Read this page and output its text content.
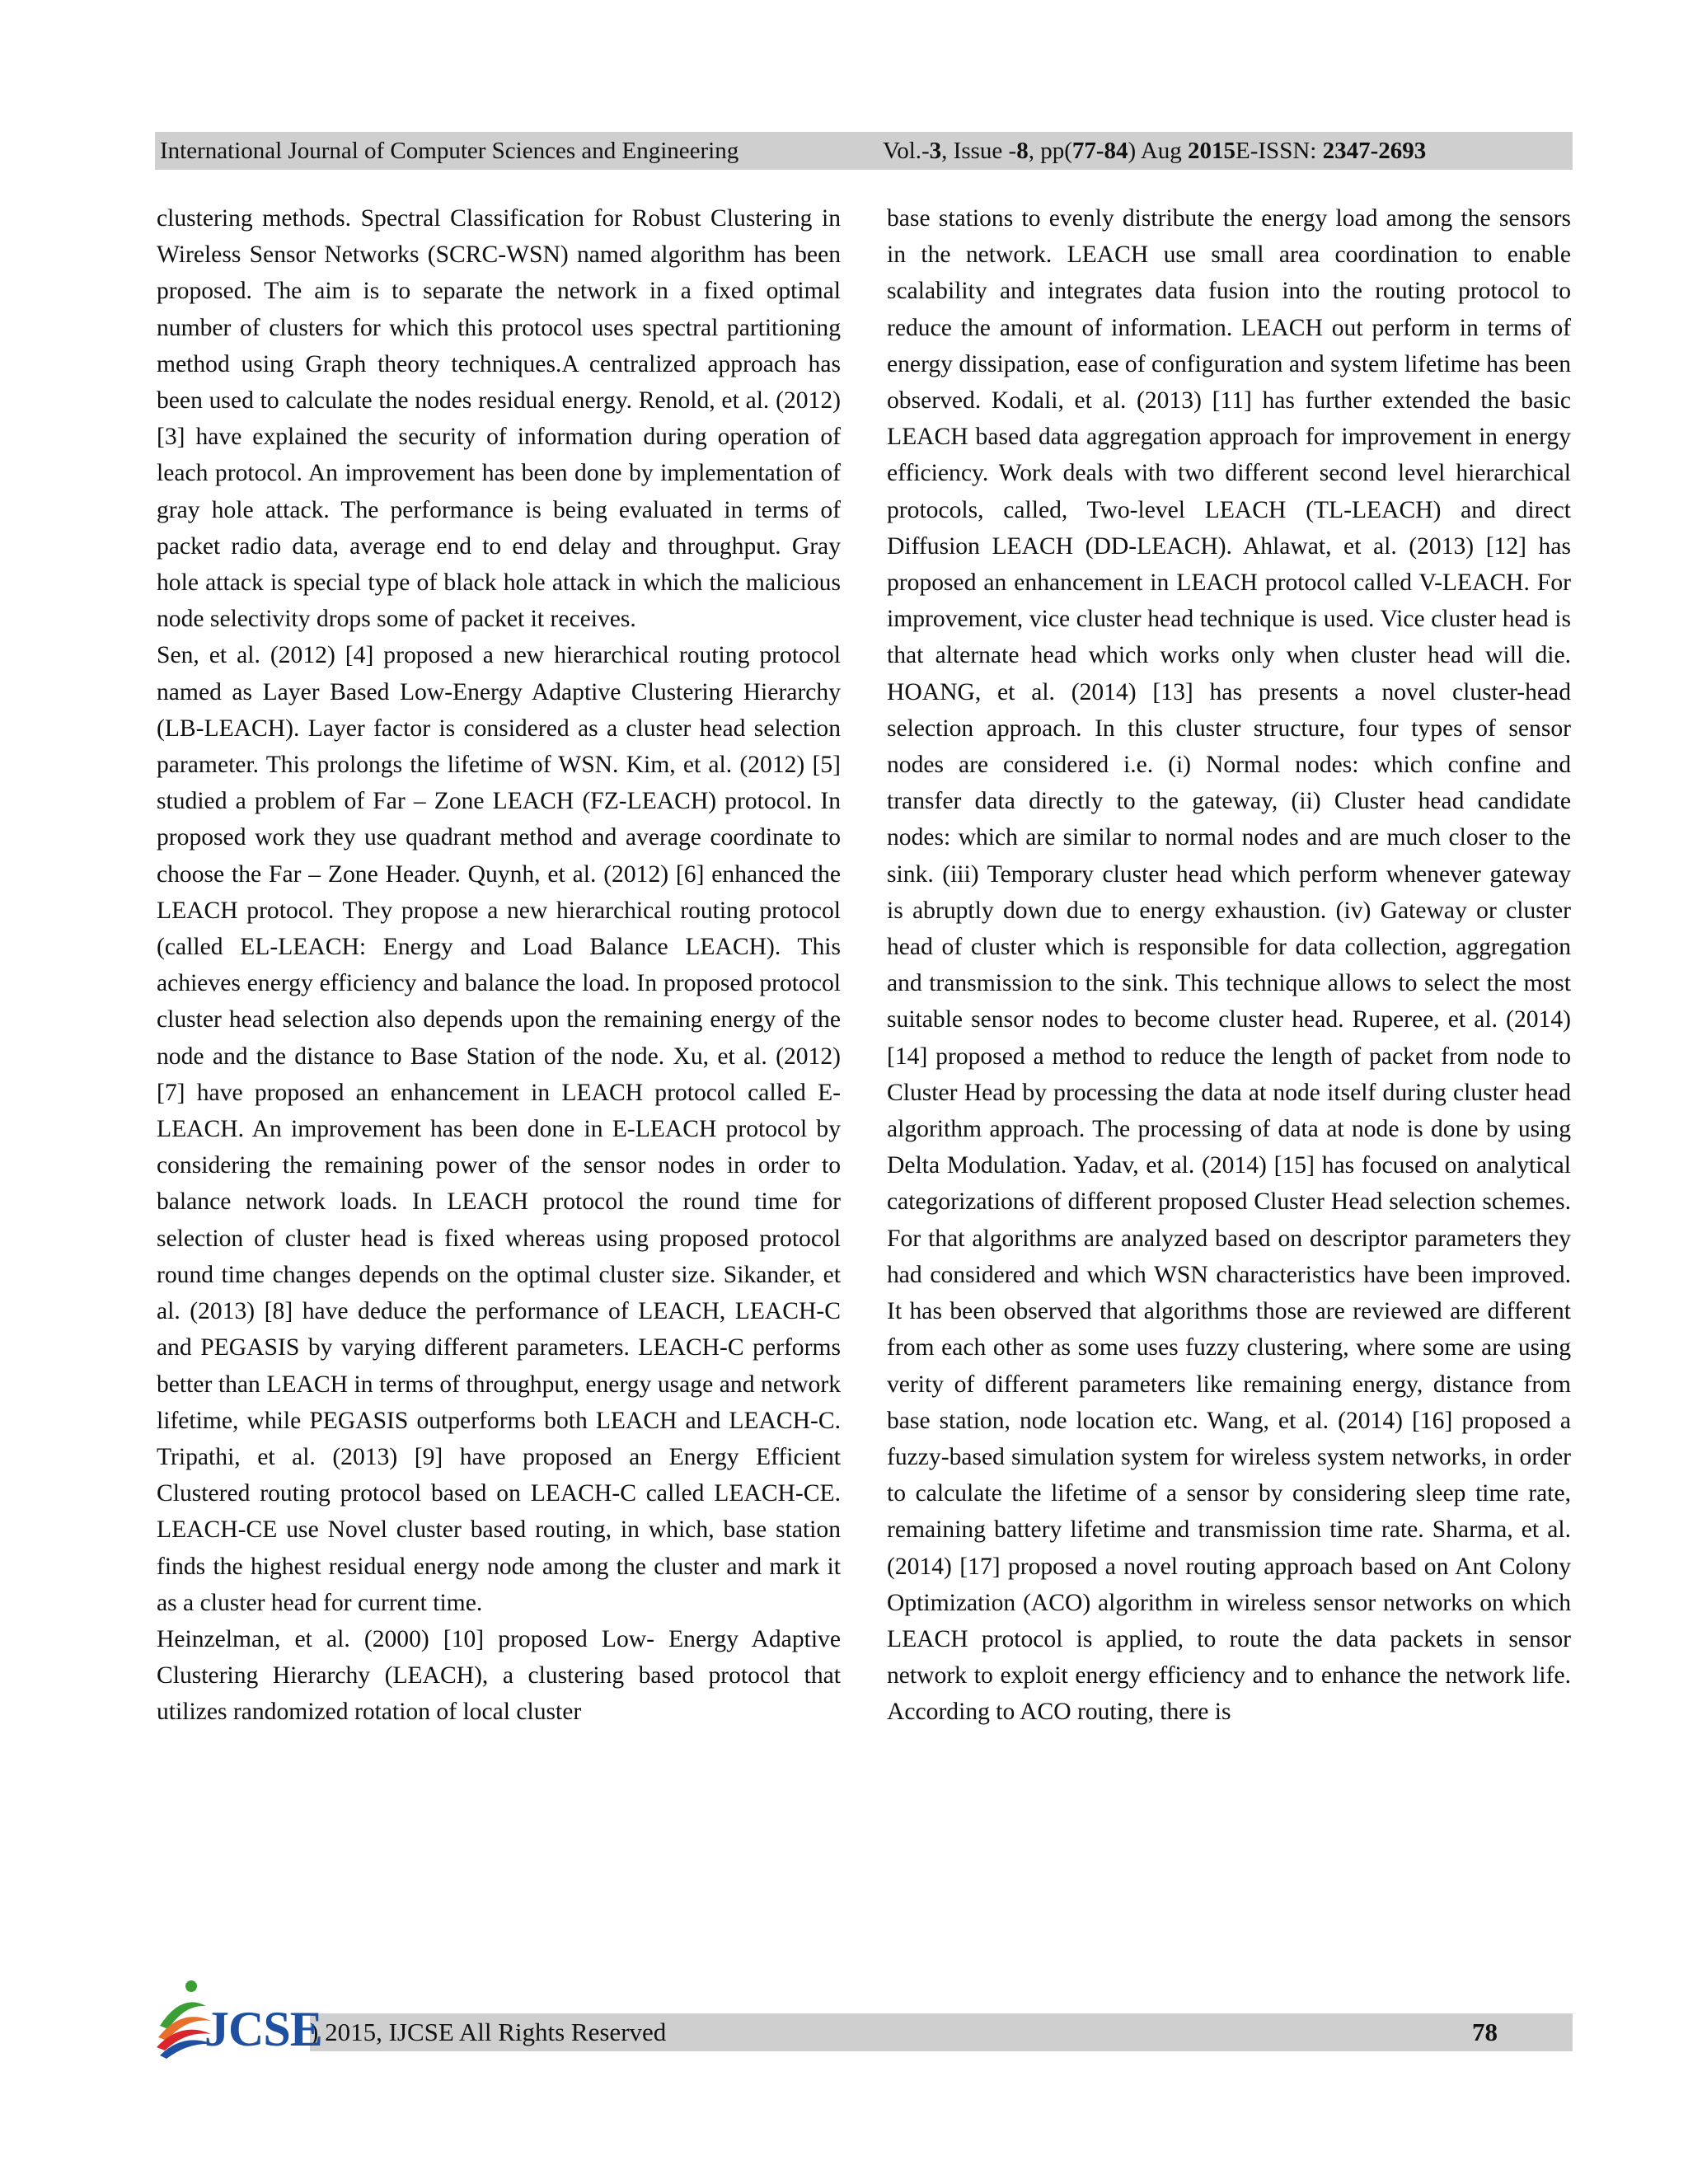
International Journal of Computer Sciences and Engineering	Vol.-3, Issue -8, pp(77-84) Aug 2015E-ISSN: 2347-2693

clustering methods. Spectral Classification for Robust Clustering in Wireless Sensor Networks (SCRC-WSN) named algorithm has been proposed. The aim is to separate the network in a fixed optimal number of clusters for which this protocol uses spectral partitioning method using Graph theory techniques.A centralized approach has been used to calculate the nodes residual energy. Renold, et al. (2012) [3] have explained the security of information during operation of leach protocol. An improvement has been done by implementation of gray hole attack. The performance is being evaluated in terms of packet radio data, average end to end delay and throughput. Gray hole attack is special type of black hole attack in which the malicious node selectivity drops some of packet it receives.

Sen, et al. (2012) [4] proposed a new hierarchical routing protocol named as Layer Based Low-Energy Adaptive Clustering Hierarchy (LB-LEACH). Layer factor is considered as a cluster head selection parameter. This prolongs the lifetime of WSN. Kim, et al. (2012) [5] studied a problem of Far – Zone LEACH (FZ-LEACH) protocol. In proposed work they use quadrant method and average coordinate to choose the Far – Zone Header. Quynh, et al. (2012) [6] enhanced the LEACH protocol. They propose a new hierarchical routing protocol (called EL-LEACH: Energy and Load Balance LEACH). This achieves energy efficiency and balance the load. In proposed protocol cluster head selection also depends upon the remaining energy of the node and the distance to Base Station of the node. Xu, et al. (2012) [7] have proposed an enhancement in LEACH protocol called E-LEACH. An improvement has been done in E-LEACH protocol by considering the remaining power of the sensor nodes in order to balance network loads. In LEACH protocol the round time for selection of cluster head is fixed whereas using proposed protocol round time changes depends on the optimal cluster size. Sikander, et al. (2013) [8] have deduce the performance of LEACH, LEACH-C and PEGASIS by varying different parameters. LEACH-C performs better than LEACH in terms of throughput, energy usage and network lifetime, while PEGASIS outperforms both LEACH and LEACH-C. Tripathi, et al. (2013) [9] have proposed an Energy Efficient Clustered routing protocol based on LEACH-C called LEACH-CE. LEACH-CE use Novel cluster based routing, in which, base station finds the highest residual energy node among the cluster and mark it as a cluster head for current time.

Heinzelman, et al. (2000) [10] proposed Low- Energy Adaptive Clustering Hierarchy (LEACH), a clustering based protocol that utilizes randomized rotation of local cluster

base stations to evenly distribute the energy load among the sensors in the network. LEACH use small area coordination to enable scalability and integrates data fusion into the routing protocol to reduce the amount of information. LEACH out perform in terms of energy dissipation, ease of configuration and system lifetime has been observed. Kodali, et al. (2013) [11] has further extended the basic LEACH based data aggregation approach for improvement in energy efficiency. Work deals with two different second level hierarchical protocols, called, Two-level LEACH (TL-LEACH) and direct Diffusion LEACH (DD-LEACH). Ahlawat, et al. (2013) [12] has proposed an enhancement in LEACH protocol called V-LEACH. For improvement, vice cluster head technique is used. Vice cluster head is that alternate head which works only when cluster head will die. HOANG, et al. (2014) [13] has presents a novel cluster-head selection approach. In this cluster structure, four types of sensor nodes are considered i.e. (i) Normal nodes: which confine and transfer data directly to the gateway, (ii) Cluster head candidate nodes: which are similar to normal nodes and are much closer to the sink. (iii) Temporary cluster head which perform whenever gateway is abruptly down due to energy exhaustion. (iv) Gateway or cluster head of cluster which is responsible for data collection, aggregation and transmission to the sink. This technique allows to select the most suitable sensor nodes to become cluster head. Ruperee, et al. (2014) [14] proposed a method to reduce the length of packet from node to Cluster Head by processing the data at node itself during cluster head algorithm approach. The processing of data at node is done by using Delta Modulation. Yadav, et al. (2014) [15] has focused on analytical categorizations of different proposed Cluster Head selection schemes. For that algorithms are analyzed based on descriptor parameters they had considered and which WSN characteristics have been improved. It has been observed that algorithms those are reviewed are different from each other as some uses fuzzy clustering, where some are using verity of different parameters like remaining energy, distance from base station, node location etc. Wang, et al. (2014) [16] proposed a fuzzy-based simulation system for wireless system networks, in order to calculate the lifetime of a sensor by considering sleep time rate, remaining battery lifetime and transmission time rate. Sharma, et al. (2014) [17] proposed a novel routing approach based on Ant Colony Optimization (ACO) algorithm in wireless sensor networks on which LEACH protocol is applied, to route the data packets in sensor network to exploit energy efficiency and to enhance the network life. According to ACO routing, there is

) 2015, IJCSE All Rights Reserved	78
JCSE
